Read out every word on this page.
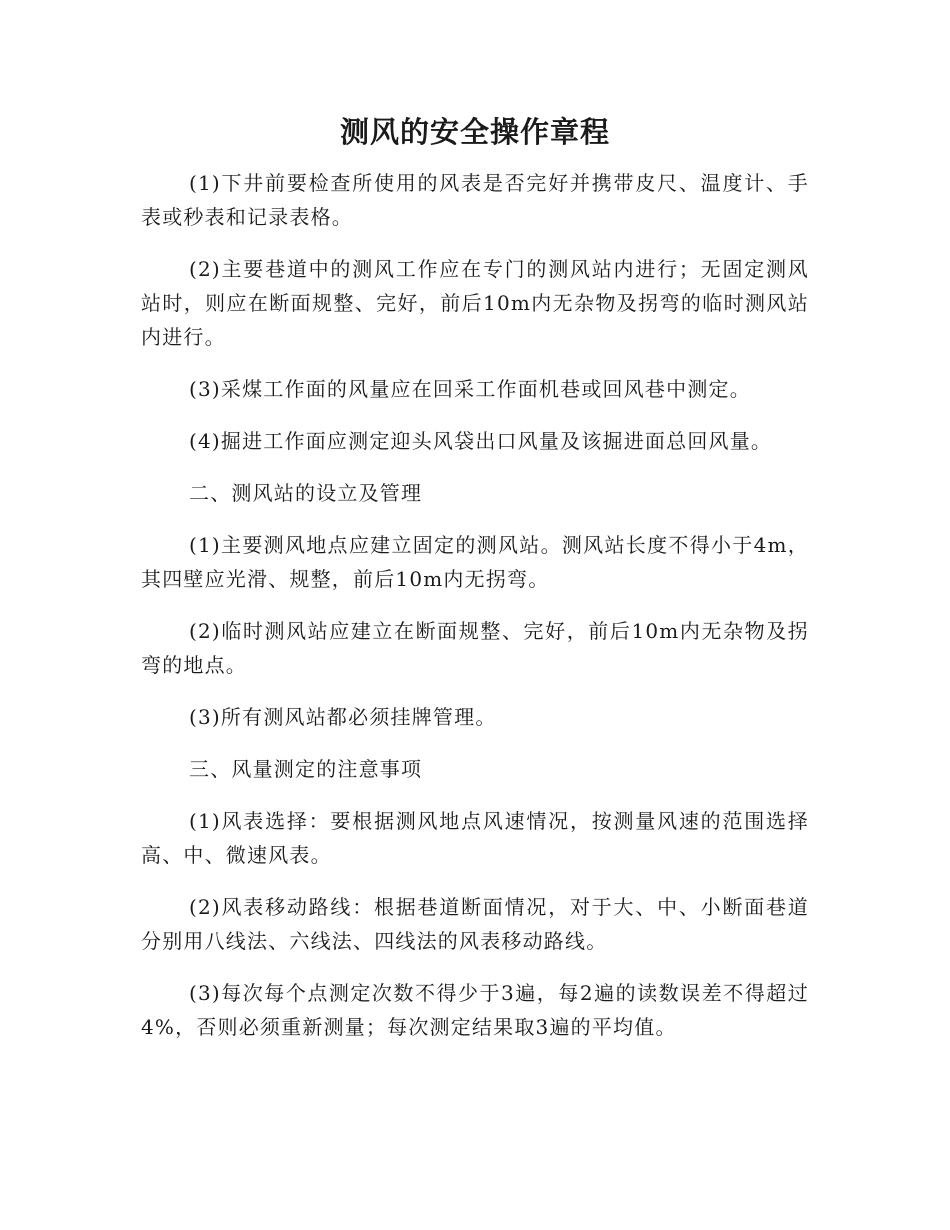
测风的安全操作章程

(1)下井前要检查所使用的风表是否完好并携带皮尺、温度计、手表或秒表和记录表格。

(2)主要巷道中的测风工作应在专门的测风站内进行；无固定测风站时，则应在断面规整、完好，前后10m内无杂物及拐弯的临时测风站内进行。

(3)采煤工作面的风量应在回采工作面机巷或回风巷中测定。

(4)掘进工作面应测定迎头风袋出口风量及该掘进面总回风量。

二、测风站的设立及管理

(1)主要测风地点应建立固定的测风站。测风站长度不得小于4m，其四壁应光滑、规整，前后10m内无拐弯。

(2)临时测风站应建立在断面规整、完好，前后10m内无杂物及拐弯的地点。

(3)所有测风站都必须挂牌管理。

三、风量测定的注意事项

(1)风表选择：要根据测风地点风速情况，按测量风速的范围选择高、中、微速风表。

(2)风表移动路线：根据巷道断面情况，对于大、中、小断面巷道分别用八线法、六线法、四线法的风表移动路线。

(3)每次每个点测定次数不得少于3遍，每2遍的读数误差不得超过4%，否则必须重新测量；每次测定结果取3遍的平均值。
